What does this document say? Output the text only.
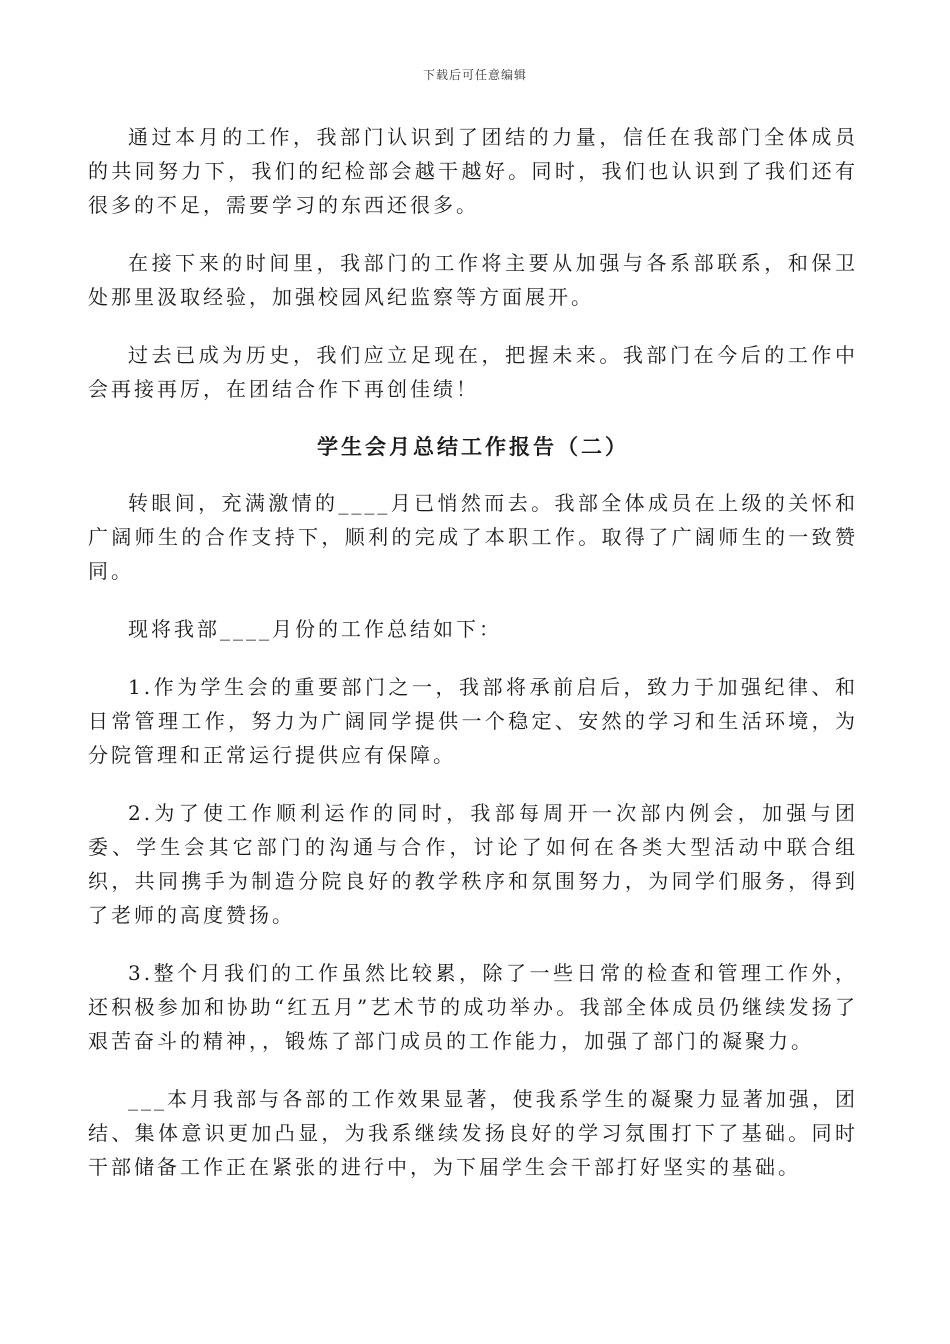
下载后可任意编辑

通过本月的工作，我部门认识到了团结的力量，信任在我部门全体成员的共同努力下，我们的纪检部会越干越好。同时，我们也认识到了我们还有很多的不足，需要学习的东西还很多。

在接下来的时间里，我部门的工作将主要从加强与各系部联系，和保卫处那里汲取经验，加强校园风纪监察等方面展开。

过去已成为历史，我们应立足现在，把握未来。我部门在今后的工作中会再接再厉，在团结合作下再创佳绩！

学生会月总结工作报告（二）

转眼间，充满激情的____月已悄然而去。我部全体成员在上级的关怀和广阔师生的合作支持下，顺利的完成了本职工作。取得了广阔师生的一致赞同。

现将我部____月份的工作总结如下：

1.作为学生会的重要部门之一，我部将承前启后，致力于加强纪律、和日常管理工作，努力为广阔同学提供一个稳定、安然的学习和生活环境，为分院管理和正常运行提供应有保障。

2.为了使工作顺利运作的同时，我部每周开一次部内例会，加强与团委、学生会其它部门的沟通与合作，讨论了如何在各类大型活动中联合组织，共同携手为制造分院良好的教学秩序和氛围努力，为同学们服务，得到了老师的高度赞扬。

3.整个月我们的工作虽然比较累，除了一些日常的检查和管理工作外，还积极参加和协助“红五月”艺术节的成功举办。我部全体成员仍继续发扬了艰苦奋斗的精神，，锻炼了部门成员的工作能力，加强了部门的凝聚力。

___本月我部与各部的工作效果显著，使我系学生的凝聚力显著加强，团结、集体意识更加凸显，为我系继续发扬良好的学习氛围打下了基础。同时干部储备工作正在紧张的进行中，为下届学生会干部打好坚实的基础。
